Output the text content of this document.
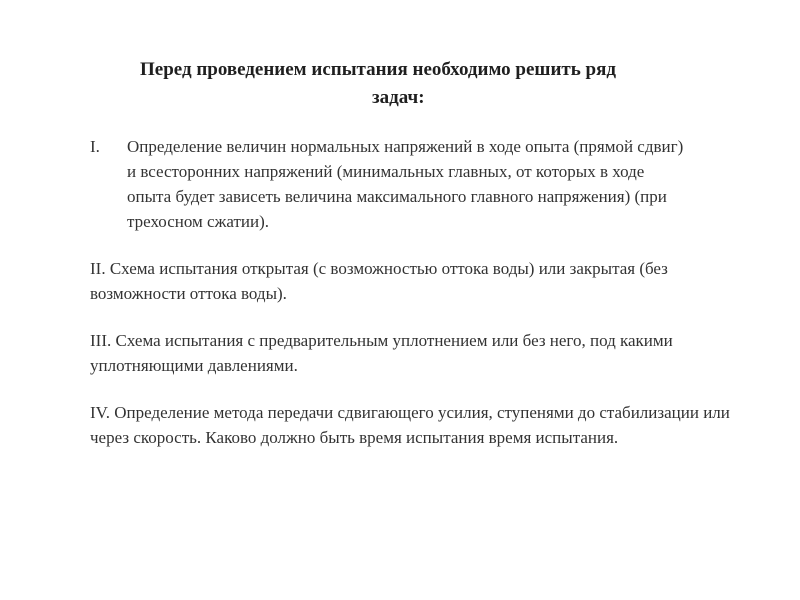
Перед проведением испытания необходимо решить ряд
задач:
I. Определение величин нормальных напряжений в ходе опыта (прямой сдвиг) и всесторонних напряжений (минимальных главных, от которых в ходе опыта будет зависеть величина максимального главного напряжения) (при трехосном сжатии).
II. Схема испытания открытая (с возможностью оттока воды) или закрытая (без возможности оттока воды).
III. Схема испытания с предварительным уплотнением или без него, под какими уплотняющими давлениями.
IV. Определение метода передачи сдвигающего усилия, ступенями до стабилизации или через скорость. Каково должно быть время испытания время испытания.
